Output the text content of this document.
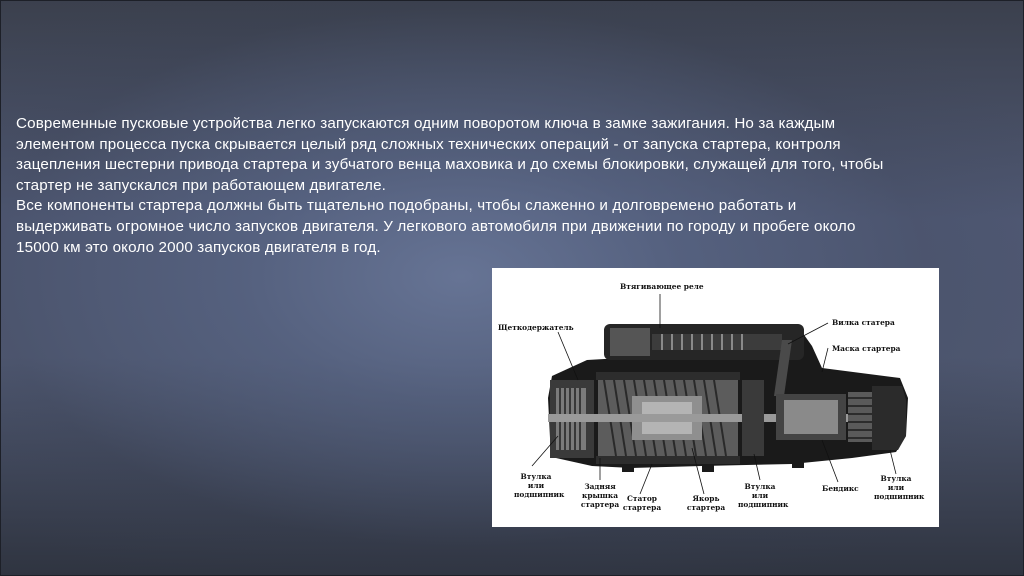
Современные пусковые устройства легко запускаются одним поворотом ключа в замке зажигания. Но за каждым элементом процесса пуска скрывается целый ряд сложных технических операций - от запуска стартера, контроля зацепления шестерни привода стартера и зубчатого венца маховика и до схемы блокировки, служащей для того, чтобы стартер не запускался при работающем двигателе.

Все компоненты стартера должны быть тщательно подобраны, чтобы слаженно и долговремено работать и выдерживать огромное число запусков двигателя. У легкового автомобиля при движении по городу и пробеге около 15000 км это около 2000 запусков двигателя в год.

Втягивающее реле
Щеткодержатель
Вилка статера
Маска стартера
Втулка
или
подшипник
Задняя
крышка
стартера
Статор
стартера
Якорь
стартера
Втулка
или
подшипник
Бендикс
Втулка
или
подшипник
